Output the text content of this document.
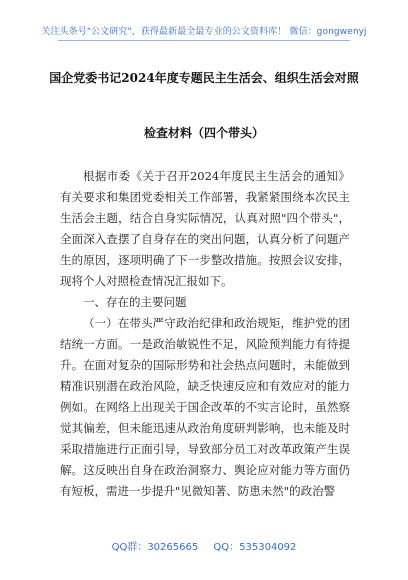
关注头条号"公文研究"，获得最新最全最专业的公文资料库！ 微信：gongwenyj
国企党委书记2024年度专题民主生活会、组织生活会对照
检查材料（四个带头）

根据市委《关于召开2024年度民主生活会的通知》有关要求和集团党委相关工作部署，我紧紧围绕本次民主生活会主题，结合自身实际情况，认真对照"四个带头"，全面深入查摆了自身存在的突出问题，认真分析了问题产生的原因，逐项明确了下一步整改措施。按照会议安排，现将个人对照检查情况汇报如下。

一、存在的主要问题

（一）在带头严守政治纪律和政治规矩，维护党的团结统一方面。一是政治敏锐性不足，风险预判能力有待提升。在面对复杂的国际形势和社会热点问题时，未能做到精准识别潜在政治风险，缺乏快速反应和有效应对的能力例如。在网络上出现关于国企改革的不实言论时，虽然察觉其偏差，但未能迅速从政治角度研判影响，也未能及时采取措施进行正面引导，导致部分员工对改革政策产生误解。这反映出自身在政治洞察力、舆论应对能力等方面仍有短板，需进一步提升"见微知著、防患未然"的政治警

QQ群：30265665 QQ：535304092
